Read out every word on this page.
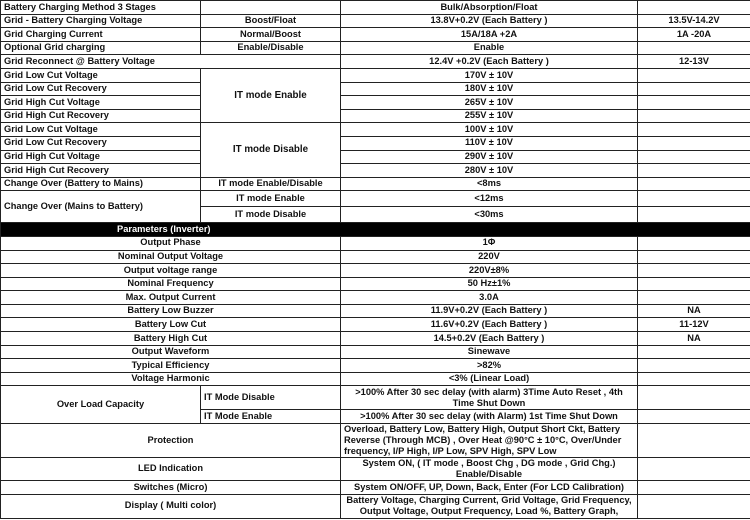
Battery Charging Method 3 Stages		Bulk/Absorption/Float	
Grid - Battery Charging Voltage	Boost/Float	13.8V+0.2V (Each Battery )	13.5V-14.2V
Grid Charging Current	Normal/Boost	15A/18A +2A	1A -20A
Optional Grid charging	Enable/Disable	Enable	
Grid Reconnect @ Battery Voltage		12.4V +0.2V (Each Battery )	12-13V
Grid Low Cut Voltage	IT mode Enable	170V ± 10V	
Grid Low Cut Recovery		180V ± 10V	
Grid High Cut Voltage		265V ± 10V	
Grid High Cut Recovery		255V ± 10V	
Grid Low Cut Voltage	IT mode Disable	100V ± 10V	
Grid Low Cut Recovery		110V ± 10V	
Grid High Cut Voltage		290V ± 10V	
Grid High Cut Recovery		280V ± 10V	
Change Over (Battery to Mains)	IT mode Enable/Disable	<8ms	
Change Over (Mains to Battery)	IT mode Enable	<12ms	
	IT mode Disable	<30ms	
Parameters (Inverter)			
Output Phase		1Φ	
Nominal Output Voltage		220V	
Output voltage range		220V±8%	
Nominal Frequency		50 Hz±1%	
Max. Output Current		3.0A	
Battery Low Buzzer		11.9V+0.2V (Each Battery )	NA
Battery Low Cut		11.6V+0.2V (Each Battery )	11-12V
Battery High Cut		14.5+0.2V (Each Battery )	NA
Output Waveform		Sinewave	
Typical Efficiency		>82%	
Voltage Harmonic		<3% (Linear Load)	
Over Load Capacity	IT Mode Disable	>100% After 30 sec delay (with alarm) 3Time Auto Reset , 4th Time Shut Down	
	IT Mode Enable	>100% After 30 sec delay (with Alarm) 1st Time Shut Down	
Protection		Overload, Battery Low, Battery High, Output Short Ckt, Battery Reverse (Through MCB) , Over Heat @90°C ± 10°C, Over/Under frequency, I/P High, I/P Low, SPV High, SPV Low	
LED Indication		System ON, ( IT mode , Boost Chg , DG mode , Grid Chg.) Enable/Disable	
Switches (Micro)		System ON/OFF, UP, Down, Back, Enter (For LCD Calibration)	
Display ( Multi color)		Battery Voltage, Charging Current, Grid Voltage, Grid Frequency, Output Voltage, Output Frequency, Load %, Battery Graph,	
